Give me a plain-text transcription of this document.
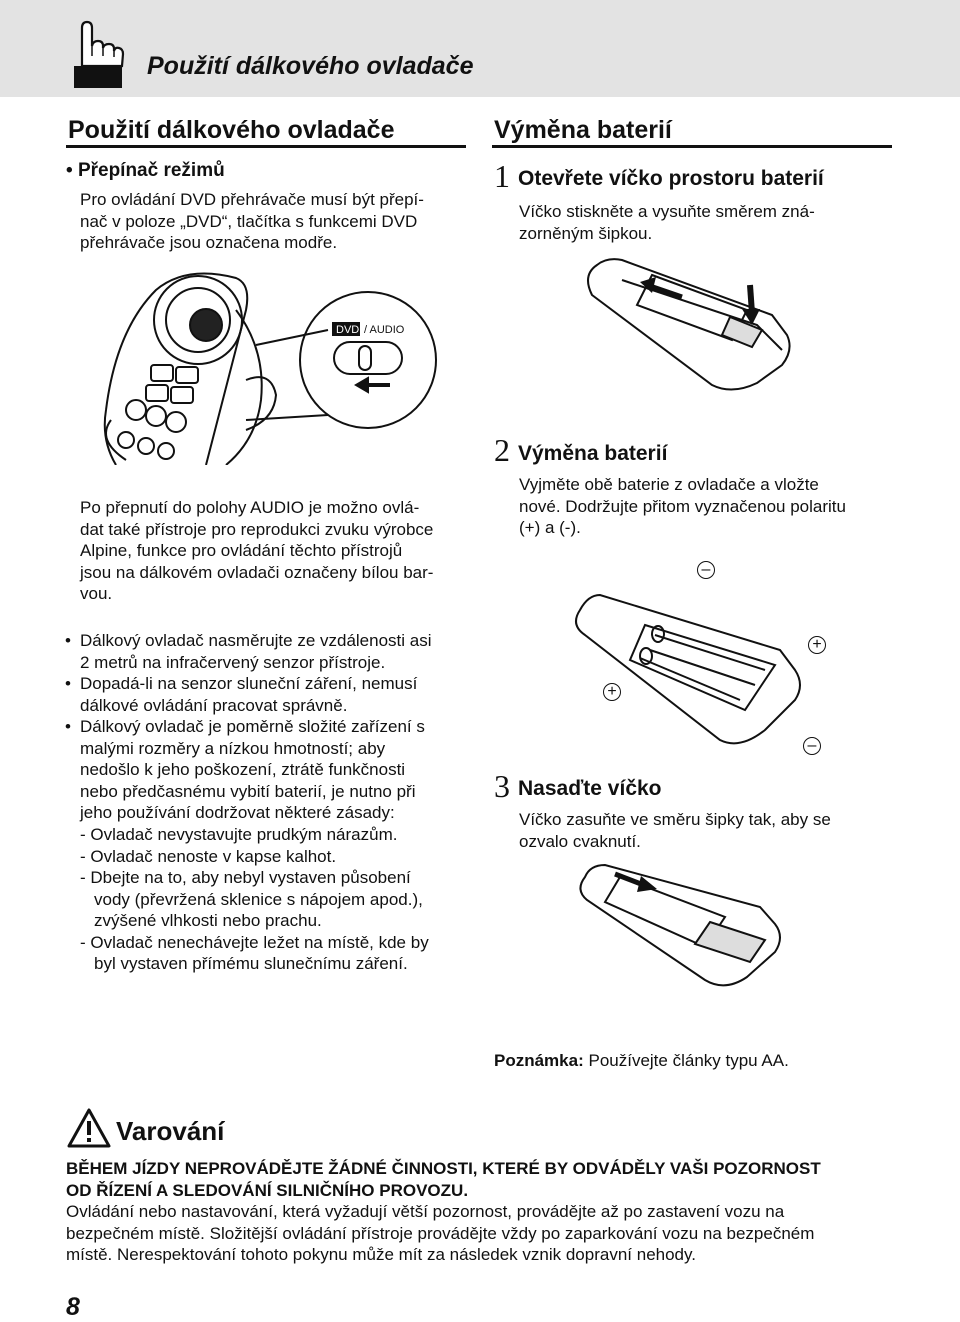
Použití dálkového ovladače
Použití dálkového ovladače
• Přepínač režimů
Pro ovládání DVD přehrávače musí být přepí-
nač v poloze „DVD“, tlačítka s funkcemi DVD
přehrávače jsou označena modře.
DVD / AUDIO
Po přepnutí do polohy AUDIO je možno ovlá-
dat také přístroje pro reprodukci zvuku výrobce
Alpine, funkce pro ovládání těchto přístrojů
jsou na dálkovém ovladači označeny bílou bar-
vou.
• Dálkový ovladač nasměrujte ze vzdálenosti asi
2 metrů na infračervený senzor přístroje.
• Dopadá-li na senzor sluneční záření, nemusí
dálkové ovládání pracovat správně.
• Dálkový ovladač je poměrně složité zařízení s
malými rozměry a nízkou hmotností; aby
nedošlo k jeho poškození, ztrátě funkčnosti
nebo předčasnému vybití baterií, je nutno při
jeho používání dodržovat některé zásady:
- Ovladač nevystavujte prudkým nárazům.
- Ovladač nenoste v kapse kalhot.
- Dbejte na to, aby nebyl vystaven působení
vody (převržená sklenice s nápojem apod.),
zvýšené vlhkosti nebo prachu.
- Ovladač nenechávejte ležet na místě, kde by
byl vystaven přímému slunečnímu záření.
Výměna baterií
1 Otevřete víčko prostoru baterií
Víčko stiskněte a vysuňte směrem zná-
zorněným šipkou.
2 Výměna baterií
Vyjměte obě baterie z ovladače a vložte
nové. Dodržujte přitom vyznačenou polaritu
(+) a (-).
–
+
+
–
3 Nasaďte víčko
Víčko zasuňte ve směru šipky tak, aby se
ozvalo cvaknutí.
Poznámka: Používejte články typu AA.
Varování
BĚHEM JÍZDY NEPROVÁDĚJTE ŽÁDNÉ ČINNOSTI, KTERÉ BY ODVÁDĚLY VAŠI POZORNOST
OD ŘÍZENÍ A SLEDOVÁNÍ SILNIČNÍHO PROVOZU.
Ovládání nebo nastavování, která vyžadují větší pozornost, provádějte až po zastavení vozu na
bezpečném místě. Složitější ovládání přístroje provádějte vždy po zaparkování vozu na bezpečném
místě. Nerespektování tohoto pokynu může mít za následek vznik dopravní nehody.
8
